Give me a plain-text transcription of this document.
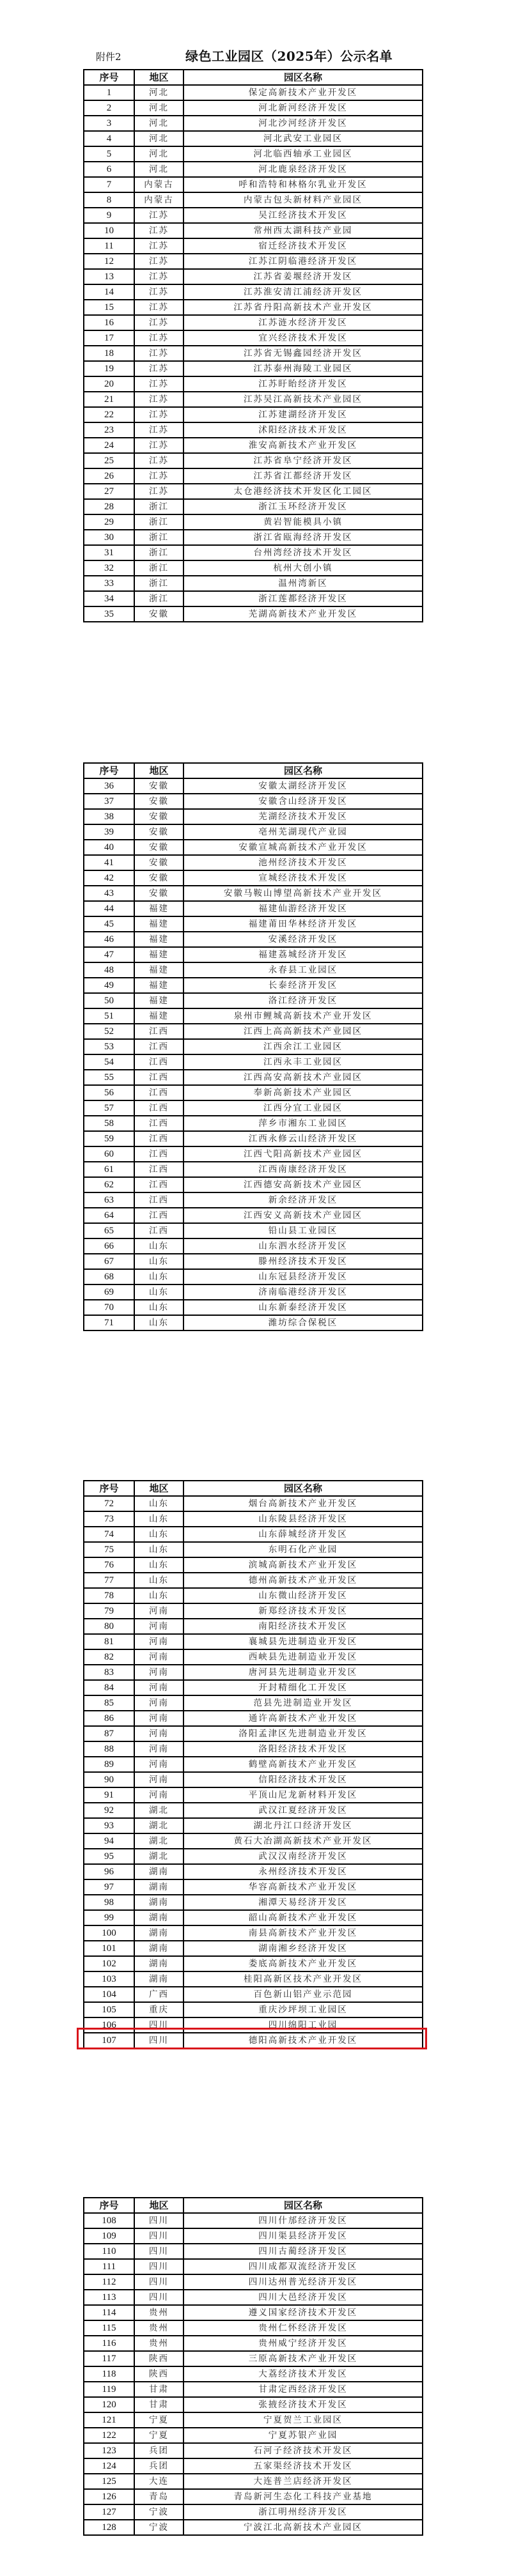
附件2	绿色工业园区（2025年）公示名单
序号	地区	园区名称
1	河北	保定高新技术产业开发区
2	河北	河北新河经济开发区
3	河北	河北沙河经济开发区
4	河北	河北武安工业园区
5	河北	河北临西轴承工业园区
6	河北	河北鹿泉经济开发区
7	内蒙古	呼和浩特和林格尔乳业开发区
8	内蒙古	内蒙古包头新材料产业园区
9	江苏	吴江经济技术开发区
10	江苏	常州西太湖科技产业园
11	江苏	宿迁经济技术开发区
12	江苏	江苏江阴临港经济开发区
13	江苏	江苏省姜堰经济开发区
14	江苏	江苏淮安清江浦经济开发区
15	江苏	江苏省丹阳高新技术产业开发区
16	江苏	江苏涟水经济开发区
17	江苏	宜兴经济技术开发区
18	江苏	江苏省无锡鑫园经济开发区
19	江苏	江苏泰州海陵工业园区
20	江苏	江苏盱眙经济开发区
21	江苏	江苏吴江高新技术产业园区
22	江苏	江苏建湖经济开发区
23	江苏	沭阳经济技术开发区
24	江苏	淮安高新技术产业开发区
25	江苏	江苏省阜宁经济开发区
26	江苏	江苏省江都经济开发区
27	江苏	太仓港经济技术开发区化工园区
28	浙江	浙江玉环经济开发区
29	浙江	黄岩智能模具小镇
30	浙江	浙江省瓯海经济开发区
31	浙江	台州湾经济技术开发区
32	浙江	杭州大创小镇
33	浙江	温州湾新区
34	浙江	浙江莲都经济开发区
35	安徽	芜湖高新技术产业开发区
序号	地区	园区名称
36	安徽	安徽太湖经济开发区
37	安徽	安徽含山经济开发区
38	安徽	芜湖经济技术开发区
39	安徽	亳州芜湖现代产业园
40	安徽	安徽宣城高新技术产业开发区
41	安徽	池州经济技术开发区
42	安徽	宣城经济技术开发区
43	安徽	安徽马鞍山博望高新技术产业开发区
44	福建	福建仙游经济开发区
45	福建	福建莆田华林经济开发区
46	福建	安溪经济开发区
47	福建	福建荔城经济开发区
48	福建	永春县工业园区
49	福建	长泰经济开发区
50	福建	洛江经济开发区
51	福建	泉州市鲤城高新技术产业开发区
52	江西	江西上高高新技术产业园区
53	江西	江西余江工业园区
54	江西	江西永丰工业园区
55	江西	江西高安高新技术产业园区
56	江西	奉新高新技术产业园区
57	江西	江西分宜工业园区
58	江西	萍乡市湘东工业园区
59	江西	江西永修云山经济开发区
60	江西	江西弋阳高新技术产业园区
61	江西	江西南康经济开发区
62	江西	江西德安高新技术产业园区
63	江西	新余经济开发区
64	江西	江西安义高新技术产业园区
65	江西	铅山县工业园区
66	山东	山东泗水经济开发区
67	山东	滕州经济技术开发区
68	山东	山东冠县经济开发区
69	山东	济南临港经济开发区
70	山东	山东新泰经济开发区
71	山东	潍坊综合保税区
序号	地区	园区名称
72	山东	烟台高新技术产业开发区
73	山东	山东陵县经济开发区
74	山东	山东薛城经济开发区
75	山东	东明石化产业园
76	山东	滨城高新技术产业开发区
77	山东	德州高新技术产业开发区
78	山东	山东微山经济开发区
79	河南	新郑经济技术开发区
80	河南	南阳经济技术开发区
81	河南	襄城县先进制造业开发区
82	河南	西峡县先进制造业开发区
83	河南	唐河县先进制造业开发区
84	河南	开封精细化工开发区
85	河南	范县先进制造业开发区
86	河南	通许高新技术产业开发区
87	河南	洛阳孟津区先进制造业开发区
88	河南	洛阳经济技术开发区
89	河南	鹤壁高新技术产业开发区
90	河南	信阳经济技术开发区
91	河南	平顶山尼龙新材料开发区
92	湖北	武汉江夏经济开发区
93	湖北	湖北丹江口经济开发区
94	湖北	黄石大冶湖高新技术产业开发区
95	湖北	武汉汉南经济开发区
96	湖南	永州经济技术开发区
97	湖南	华容高新技术产业开发区
98	湖南	湘潭天易经济开发区
99	湖南	韶山高新技术产业开发区
100	湖南	南县高新技术产业开发区
101	湖南	湖南湘乡经济开发区
102	湖南	娄底高新技术产业开发区
103	湖南	桂阳高新区技术产业开发区
104	广西	百色新山铝产业示范园
105	重庆	重庆沙坪坝工业园区
106	四川	四川绵阳工业园
107	四川	德阳高新技术产业开发区
序号	地区	园区名称
108	四川	四川什邡经济开发区
109	四川	四川渠县经济开发区
110	四川	四川古蔺经济开发区
111	四川	四川成都双流经济开发区
112	四川	四川达州普光经济开发区
113	四川	四川大邑经济开发区
114	贵州	遵义国家经济技术开发区
115	贵州	贵州仁怀经济开发区
116	贵州	贵州威宁经济开发区
117	陕西	三原高新技术产业开发区
118	陕西	大荔经济技术开发区
119	甘肃	甘肃定西经济开发区
120	甘肃	张掖经济技术开发区
121	宁夏	宁夏贺兰工业园区
122	宁夏	宁夏苏银产业园
123	兵团	石河子经济技术开发区
124	兵团	五家渠经济技术开发区
125	大连	大连普兰店经济开发区
126	青岛	青岛新河生态化工科技产业基地
127	宁波	浙江明州经济开发区
128	宁波	宁波江北高新技术产业园区
